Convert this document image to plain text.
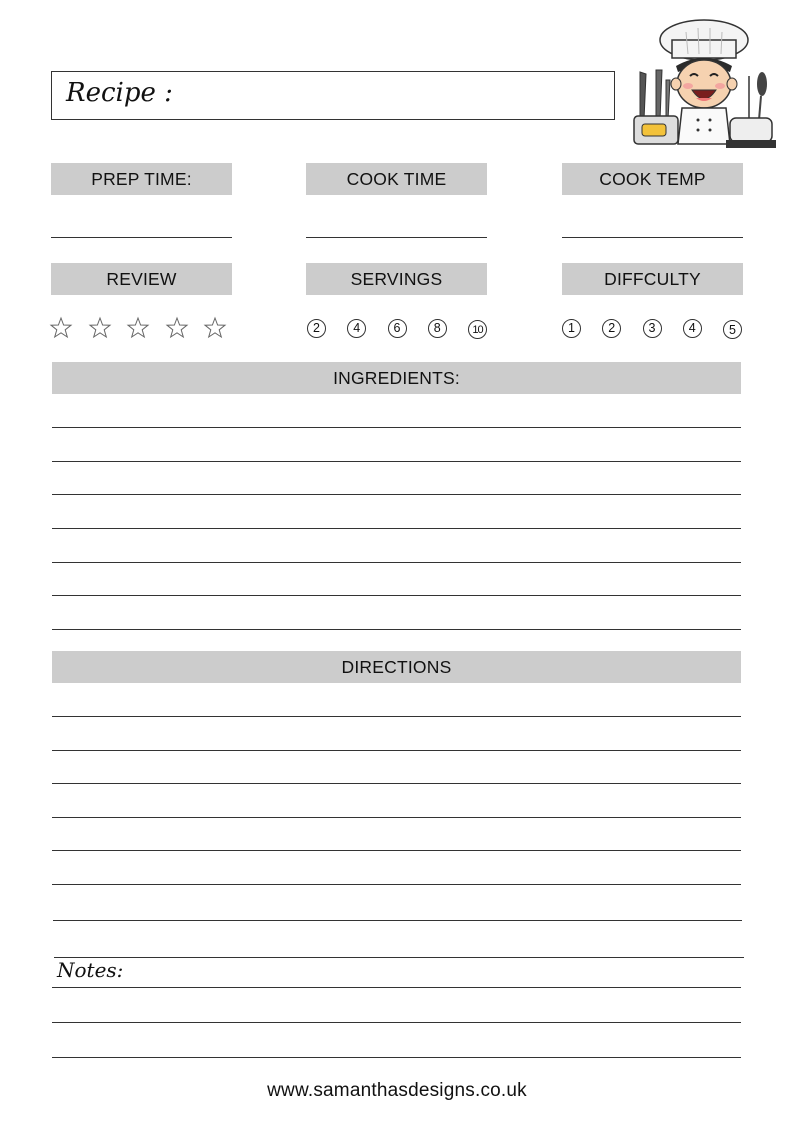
Recipe :
PREP TIME:	COOK TIME	COOK TEMP
REVIEW	SERVINGS	DIFFCULTY
2	4	6	8	10	1	2	3	4	5
INGREDIENTS:
DIRECTIONS
Notes:
www.samanthasdesigns.co.uk
